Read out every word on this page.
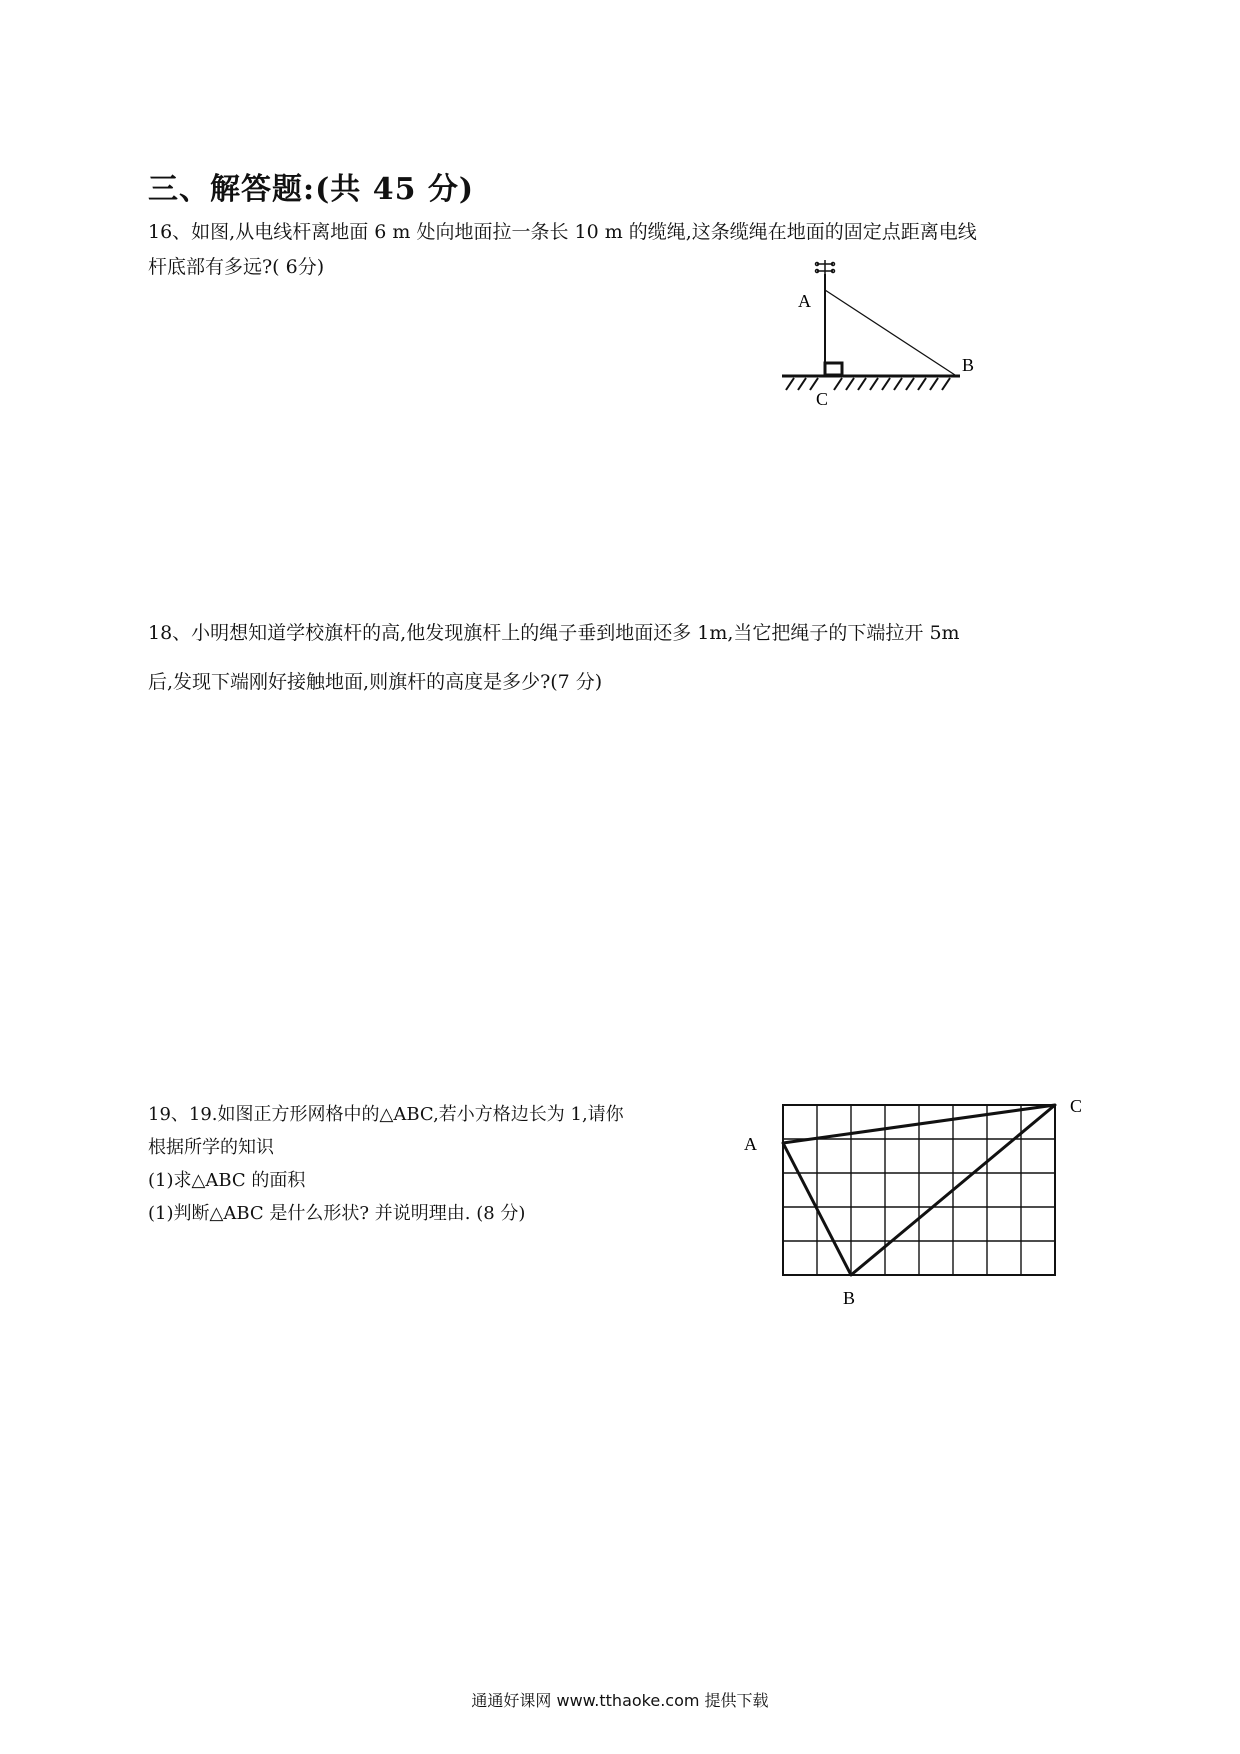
三、解答题:(共 45 分)
16、如图,从电线杆离地面 6 m 处向地面拉一条长 10 m 的缆绳,这条缆绳在地面的固定点距离电线
杆底部有多远?( 6分)
A
B
C
18、小明想知道学校旗杆的高,他发现旗杆上的绳子垂到地面还多 1m,当它把绳子的下端拉开 5m
后,发现下端刚好接触地面,则旗杆的高度是多少?(7 分)
19、19.如图正方形网格中的△ABC,若小方格边长为 1,请你
根据所学的知识
(1)求△ABC 的面积
(1)判断△ABC 是什么形状? 并说明理由. (8 分)
A
B
C
通通好课网 www.tthaoke.com 提供下载
